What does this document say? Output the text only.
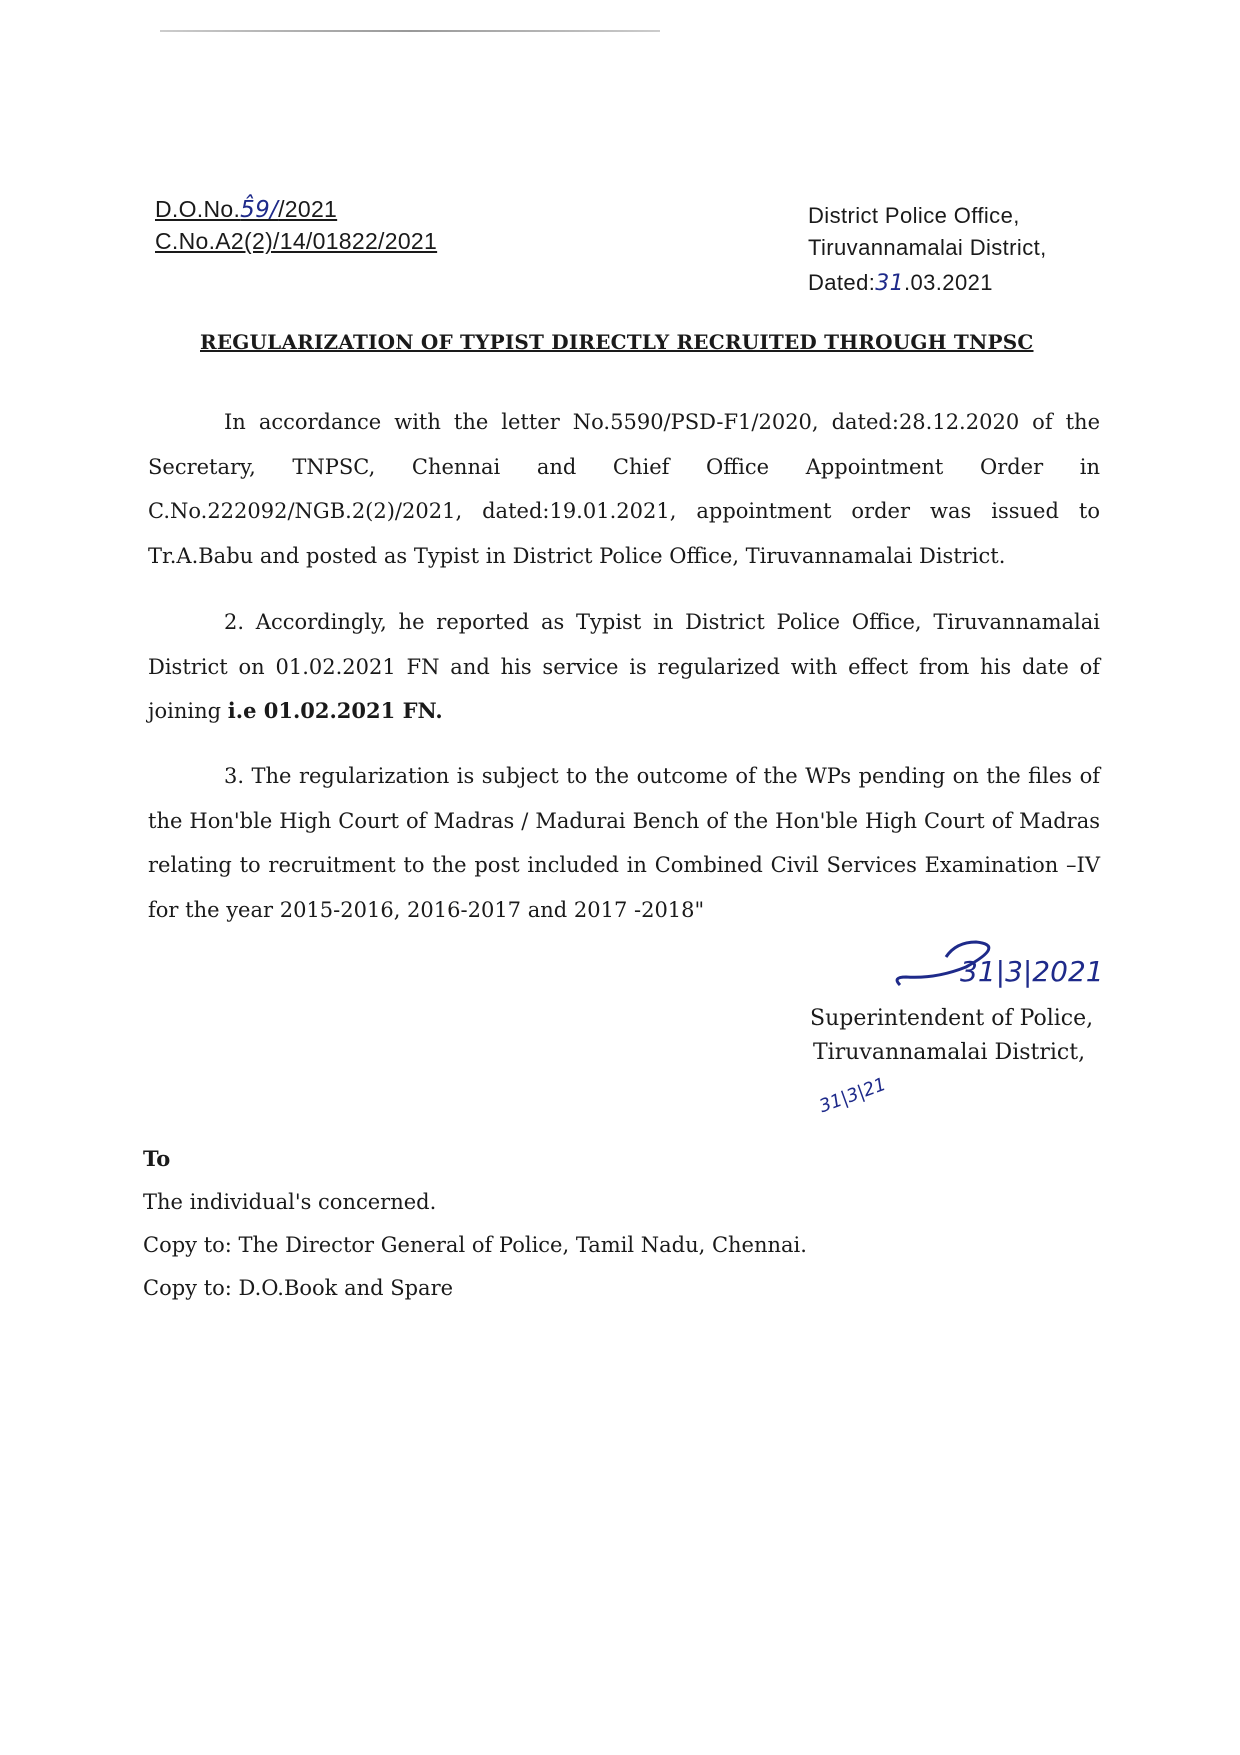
D.O.No.5̂9//2021
C.No.A2(2)/14/01822/2021
District Police Office,
Tiruvannamalai District,
Dated:31.03.2021
REGULARIZATION OF TYPIST DIRECTLY RECRUITED THROUGH TNPSC
In accordance with the letter No.5590/PSD-F1/2020, dated:28.12.2020 of the Secretary, TNPSC, Chennai and Chief Office Appointment Order in C.No.222092/NGB.2(2)/2021, dated:19.01.2021, appointment order was issued to Tr.A.Babu and posted as Typist in District Police Office, Tiruvannamalai District.
2. Accordingly, he reported as Typist in District Police Office, Tiruvannamalai District on 01.02.2021 FN and his service is regularized with effect from his date of joining i.e 01.02.2021 FN.
3. The regularization is subject to the outcome of the WPs pending on the files of the Hon'ble High Court of Madras / Madurai Bench of the Hon'ble High Court of Madras relating to recruitment to the post included in Combined Civil Services Examination –IV for the year 2015-2016, 2016-2017 and 2017 -2018"
31|3|2021
Superintendent of Police,
Tiruvannamalai District,
31|3|21
To
The individual's concerned.
Copy to: The Director General of Police, Tamil Nadu, Chennai.
Copy to: D.O.Book and Spare
